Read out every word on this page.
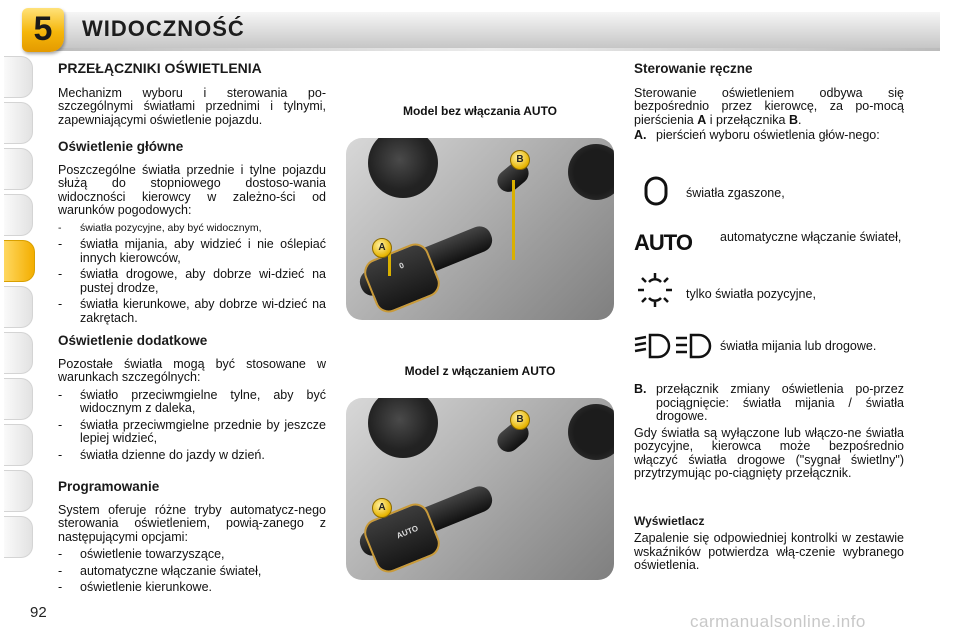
5	WIDOCZNOŚĆ
PRZEŁĄCZNIKI OŚWIETLENIA

Mechanizm wyboru i sterowania po-szczególnymi światłami przednimi i tylnymi, zapewniającymi oświetlenie pojazdu.

Oświetlenie główne

Poszczególne światła przednie i tylne pojazdu służą do stopniowego dostoso-wania widoczności kierowcy w zależno-ści od warunków pogodowych:

- światła pozycyjne, aby być widocznym,
- światła mijania, aby widzieć i nie oślepiać innych kierowców,
- światła drogowe, aby dobrze wi-dzieć na pustej drodze,
- światła kierunkowe, aby dobrze wi-dzieć na zakrętach.
Oświetlenie dodatkowe

Pozostałe światła mogą być stosowane w warunkach szczególnych:

- światło przeciwmgielne tylne, aby być widocznym z daleka,
- światła przeciwmgielne przednie by jeszcze lepiej widzieć,
- światła dzienne do jazdy w dzień.
Programowanie

System oferuje różne tryby automatycz-nego sterowania oświetleniem, powią-zanego z następującymi opcjami:

- oświetlenie towarzyszące,
- automatyczne włączanie świateł,
- oświetlenie kierunkowe.
Model bez włączania AUTO
0
B
A
Model z włączaniem AUTO
AUTO
B
A
Sterowanie ręczne

Sterowanie oświetleniem odbywa się bezpośrednio przez kierowcę, za po-mocą pierścienia A i przełącznika B.

A. pierścień wyboru oświetlenia głów-nego:

światła zgaszone,
AUTO automatyczne włączanie świateł,
tylko światła pozycyjne,
światła mijania lub drogowe.
B. przełącznik zmiany oświetlenia po-przez pociągnięcie: światła mijania / światła drogowe.

Gdy światła są wyłączone lub włączo-ne światła pozycyjne, kierowca może bezpośrednio włączyć światła drogowe ("sygnał świetlny") przytrzymując po-ciągnięty przełącznik.

Wyświetlacz

Zapalenie się odpowiedniej kontrolki w zestawie wskaźników potwierdza włą-czenie wybranego oświetlenia.

92	carmanualsonline.info
